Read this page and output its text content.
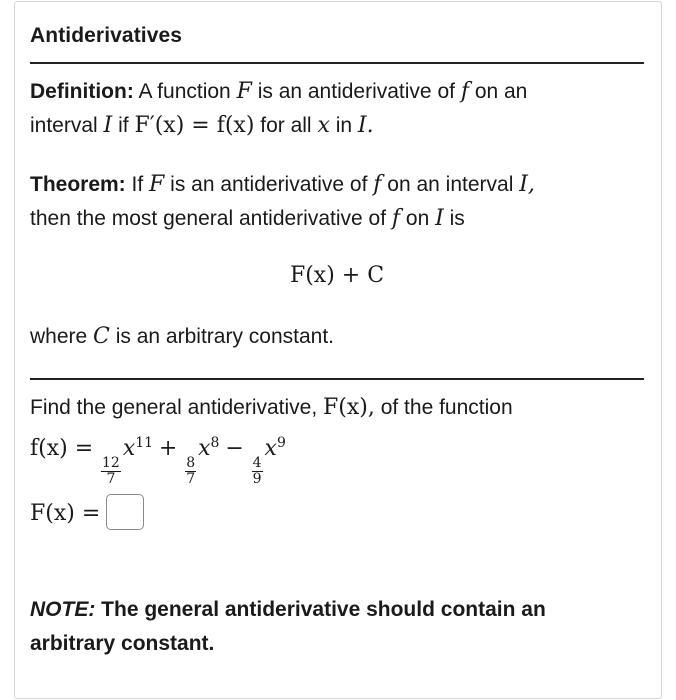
Antiderivatives
Definition: A function F is an antiderivative of f on an
interval I if F′(x) = f(x) for all x in I.
Theorem: If F is an antiderivative of f on an interval I,
then the most general antiderivative of f on I is
F(x) + C
where C is an arbitrary constant.
Find the general antiderivative, F(x), of the function
f(x) =
$\frac{12}{7}$
$x^{11}$ +
$\frac{8}{7}$
$x^8$ −
$\frac{4}{9}$
$x^9$
F(x) =
NOTE: The general antiderivative should contain an
arbitrary constant.
